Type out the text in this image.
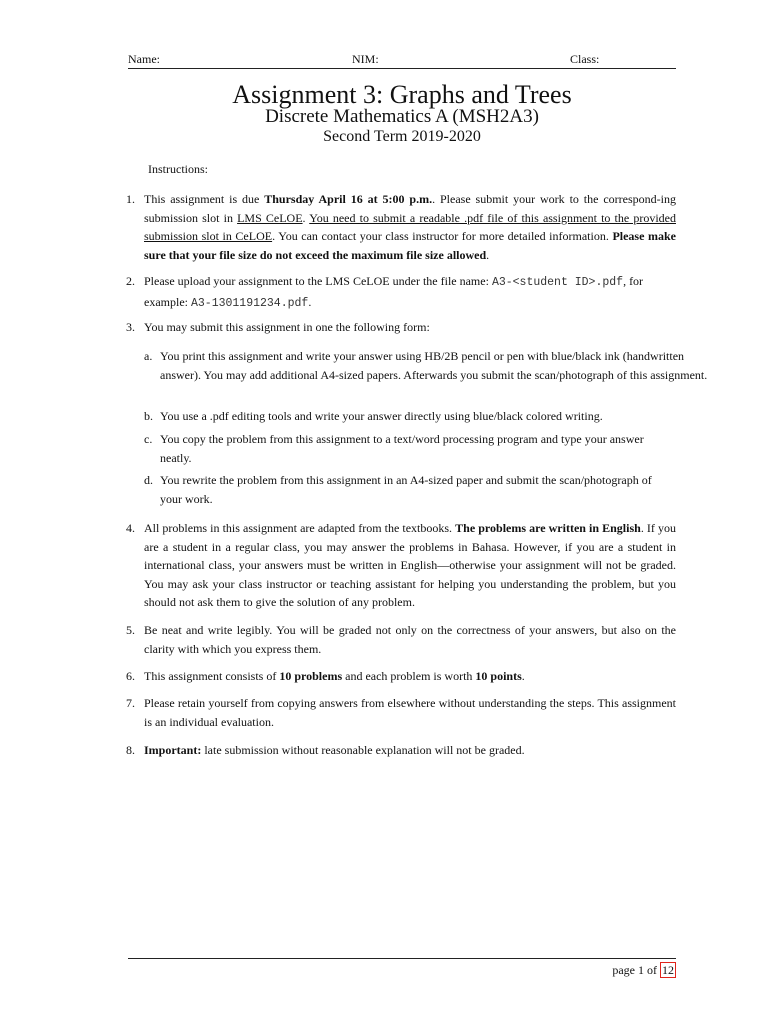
Name:	NIM:	Class:
Assignment 3: Graphs and Trees
Discrete Mathematics A (MSH2A3)
Second Term 2019-2020
Instructions:
1. This assignment is due Thursday April 16 at 5:00 p.m.. Please submit your work to the correspond-ing submission slot in LMS CeLOE. You need to submit a readable .pdf file of this assignment to the provided submission slot in CeLOE. You can contact your class instructor for more detailed information. Please make sure that your file size do not exceed the maximum file size allowed.
2. Please upload your assignment to the LMS CeLOE under the file name: A3-<student ID>.pdf, for example: A3-1301191234.pdf.
3. You may submit this assignment in one the following form:
a. You print this assignment and write your answer using HB/2B pencil or pen with blue/black ink (handwritten answer). You may add additional A4-sized papers. Afterwards you submit the scan/photograph of this assignment.
b. You use a .pdf editing tools and write your answer directly using blue/black colored writing.
c. You copy the problem from this assignment to a text/word processing program and type your answer neatly.
d. You rewrite the problem from this assignment in an A4-sized paper and submit the scan/photograph of your work.
4. All problems in this assignment are adapted from the textbooks. The problems are written in English. If you are a student in a regular class, you may answer the problems in Bahasa. However, if you are a student in international class, your answers must be written in English—otherwise your assignment will not be graded. You may ask your class instructor or teaching assistant for helping you understanding the problem, but you should not ask them to give the solution of any problem.
5. Be neat and write legibly. You will be graded not only on the correctness of your answers, but also on the clarity with which you express them.
6. This assignment consists of 10 problems and each problem is worth 10 points.
7. Please retain yourself from copying answers from elsewhere without understanding the steps. This assignment is an individual evaluation.
8. Important: late submission without reasonable explanation will not be graded.
page 1 of 12
